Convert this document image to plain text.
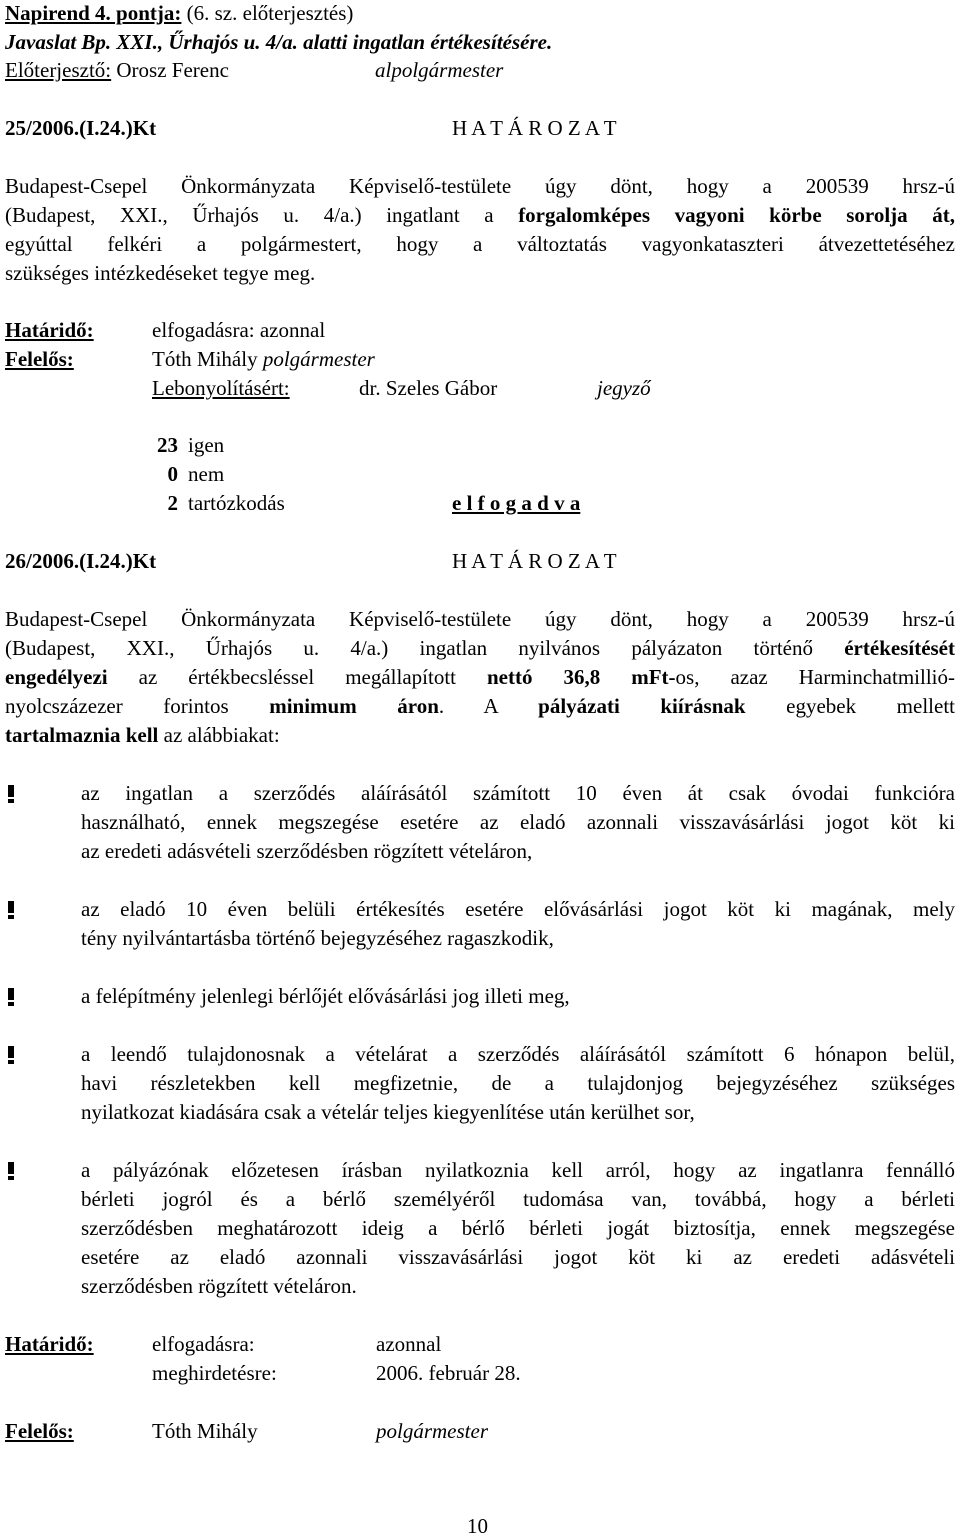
Napirend 4. pontja: (6. sz. előterjesztés)
Javaslat Bp. XXI., Űrhajós u. 4/a. alatti ingatlan értékesítésére.
Előterjesztő: Orosz Ferenc	alpolgármester
25/2006.(I.24.)Kt	H A T Á R O Z A T
Budapest-Csepel Önkormányzata Képviselő-testülete úgy dönt, hogy a 200539 hrsz-ú
(Budapest, XXI., Űrhajós u. 4/a.) ingatlant a forgalomképes vagyoni körbe sorolja át,
egyúttal felkéri a polgármestert, hogy a változtatás vagyonkataszteri átvezettetéséhez
szükséges intézkedéseket tegye meg.
Határidő:	elfogadásra: azonnal
Felelős:	Tóth Mihály polgármester
Lebonyolításért:	dr. Szeles Gábor	jegyző
23 igen
0 nem
2 tartózkodás	e l f o g a d v a
26/2006.(I.24.)Kt	H A T Á R O Z A T
Budapest-Csepel Önkormányzata Képviselő-testülete úgy dönt, hogy a 200539 hrsz-ú
(Budapest, XXI., Űrhajós u. 4/a.) ingatlan nyilvános pályázaton történő értékesítését
engedélyezi az értékbecsléssel megállapított nettó 36,8 mFt-os, azaz Harminchatmillió-
nyolcszázezer forintos minimum áron. A pályázati kiírásnak egyebek mellett
tartalmaznia kell az alábbiakat:
az ingatlan a szerződés aláírásától számított 10 éven át csak óvodai funkcióra
használható, ennek megszegése esetére az eladó azonnali visszavásárlási jogot köt ki
az eredeti adásvételi szerződésben rögzített vételáron,
az eladó 10 éven belüli értékesítés esetére elővásárlási jogot köt ki magának, mely
tény nyilvántartásba történő bejegyzéséhez ragaszkodik,
a felépítmény jelenlegi bérlőjét elővásárlási jog illeti meg,
a leendő tulajdonosnak a vételárat a szerződés aláírásától számított 6 hónapon belül,
havi részletekben kell megfizetnie, de a tulajdonjog bejegyzéséhez szükséges
nyilatkozat kiadására csak a vételár teljes kiegyenlítése után kerülhet sor,
a pályázónak előzetesen írásban nyilatkoznia kell arról, hogy az ingatlanra fennálló
bérleti jogról és a bérlő személyéről tudomása van, továbbá, hogy a bérleti
szerződésben meghatározott ideig a bérlő bérleti jogát biztosítja, ennek megszegése
esetére az eladó azonnali visszavásárlási jogot köt ki az eredeti adásvételi
szerződésben rögzített vételáron.
Határidő:	elfogadásra:	azonnal
meghirdetésre:	2006. február 28.
Felelős:	Tóth Mihály	polgármester
10
